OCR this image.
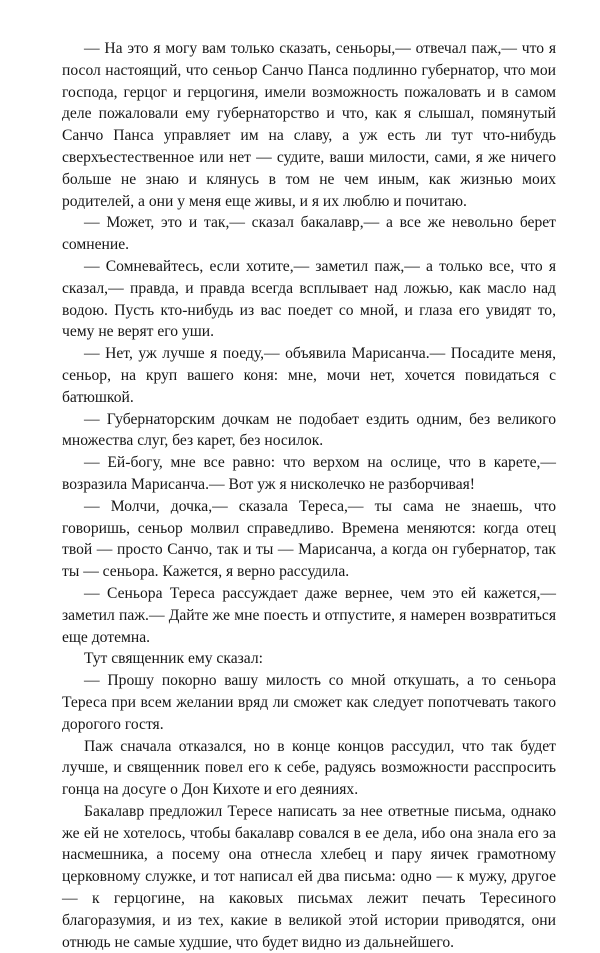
— На это я могу вам только сказать, сеньоры,— отвечал паж,— что я посол настоящий, что сеньор Санчо Панса подлинно губернатор, что мои господа, герцог и герцогиня, имели возможность пожаловать и в самом деле пожаловали ему губернаторство и что, как я слышал, помянутый Санчо Панса управляет им на славу, а уж есть ли тут что-нибудь сверхъестественное или нет — судите, ваши милости, сами, я же ничего больше не знаю и клянусь в том не чем иным, как жизнью моих родителей, а они у меня еще живы, и я их люблю и почитаю.

— Может, это и так,— сказал бакалавр,— а все же невольно берет сомнение.

— Сомневайтесь, если хотите,— заметил паж,— а только все, что я сказал,— правда, и правда всегда всплывает над ложью, как масло над водою. Пусть кто-нибудь из вас поедет со мной, и глаза его увидят то, чему не верят его уши.

— Нет, уж лучше я поеду,— объявила Марисанча.— Посадите меня, сеньор, на круп вашего коня: мне, мочи нет, хочется повидаться с батюшкой.

— Губернаторским дочкам не подобает ездить одним, без великого множества слуг, без карет, без носилок.

— Ей-богу, мне все равно: что верхом на ослице, что в карете,— возразила Марисанча.— Вот уж я нисколечко не разборчивая!

— Молчи, дочка,— сказала Тереса,— ты сама не знаешь, что говоришь, сеньор молвил справедливо. Времена меняются: когда отец твой — просто Санчо, так и ты — Марисанча, а когда он губернатор, так ты — сеньора. Кажется, я верно рассудила.

— Сеньора Тереса рассуждает даже вернее, чем это ей кажется,— заметил паж.— Дайте же мне поесть и отпустите, я намерен возвратиться еще дотемна.

Тут священник ему сказал:

— Прошу покорно вашу милость со мной откушать, а то сеньора Тереса при всем желании вряд ли сможет как следует попотчевать такого дорогого гостя.

Паж сначала отказался, но в конце концов рассудил, что так будет лучше, и священник повел его к себе, радуясь возможности расспросить гонца на досуге о Дон Кихоте и его деяниях.

Бакалавр предложил Тересе написать за нее ответные письма, однако же ей не хотелось, чтобы бакалавр совался в ее дела, ибо она знала его за насмешника, а посему она отнесла хлебец и пару яичек грамотному церковному служке, и тот написал ей два письма: одно — к мужу, другое — к герцогине, на каковых письмах лежит печать Тересиного благоразумия, и из тех, какие в великой этой истории приводятся, они отнюдь не самые худшие, что будет видно из дальнейшего.
